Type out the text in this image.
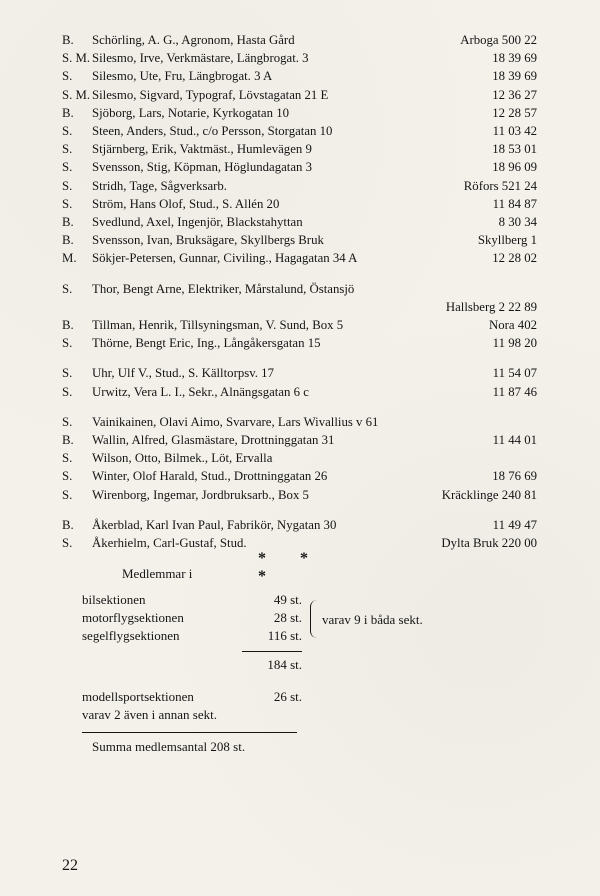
B.	Schörling, A. G., Agronom, Hasta Gård	Arboga 500 22
S. M. Silesmo, Irve, Verkmästare, Längbrogat. 3	18 39 69
S.	Silesmo, Ute, Fru, Längbrogat. 3 A	18 39 69
S. M. Silesmo, Sigvard, Typograf, Lövstagatan 21 E	12 36 27
B.	Sjöborg, Lars, Notarie, Kyrkogatan 10	12 28 57
S.	Steen, Anders, Stud., c/o Persson, Storgatan 10	11 03 42
S.	Stjärnberg, Erik, Vaktmäst., Humlevägen 9	18 53 01
S.	Svensson, Stig, Köpman, Höglundagatan 3	18 96 09
S.	Stridh, Tage, Sågverksarb.	Röfors 521 24
S.	Ström, Hans Olof, Stud., S. Allén 20	11 84 87
B.	Svedlund, Axel, Ingenjör, Blackstahyttan	8 30 34
B.	Svensson, Ivan, Bruksägare, Skyllbergs Bruk	Skyllberg 1
M.	Sökjer-Petersen, Gunnar, Civiling., Hagagatan 34 A	12 28 02
S.	Thor, Bengt Arne, Elektriker, Mårstalund, Östansjö
Hallsberg 2 22 89
B.	Tillman, Henrik, Tillsyningsman, V. Sund, Box 5	Nora 402
S.	Thörne, Bengt Eric, Ing., Långåkersgatan 15	11 98 20
S.	Uhr, Ulf V., Stud., S. Källtorpsv. 17	11 54 07
S.	Urwitz, Vera L. I., Sekr., Alnängsgatan 6 c	11 87 46
S.	Vainikainen, Olavi Aimo, Svarvare, Lars Wivallius v 61
B.	Wallin, Alfred, Glasmästare, Drottninggatan 31	11 44 01
S.	Wilson, Otto, Bilmek., Löt, Ervalla
S.	Winter, Olof Harald, Stud., Drottninggatan 26	18 76 69
S.	Wirenborg, Ingemar, Jordbruksarb., Box 5	Kräcklinge 240 81
B.	Åkerblad, Karl Ivan Paul, Fabrikör, Nygatan 30	11 49 47
S.	Åkerhielm, Carl-Gustaf, Stud.	Dylta Bruk 220 00
* * *
Medlemmar i
bilsektionen	49 st.
motorflygsektionen	28 st.
segelflygsektionen	116 st.
varav 9 i båda sekt.
184 st.
modellsportsektionen	26 st.
varav 2 även i annan sekt.
Summa medlemsantal 208 st.
22
